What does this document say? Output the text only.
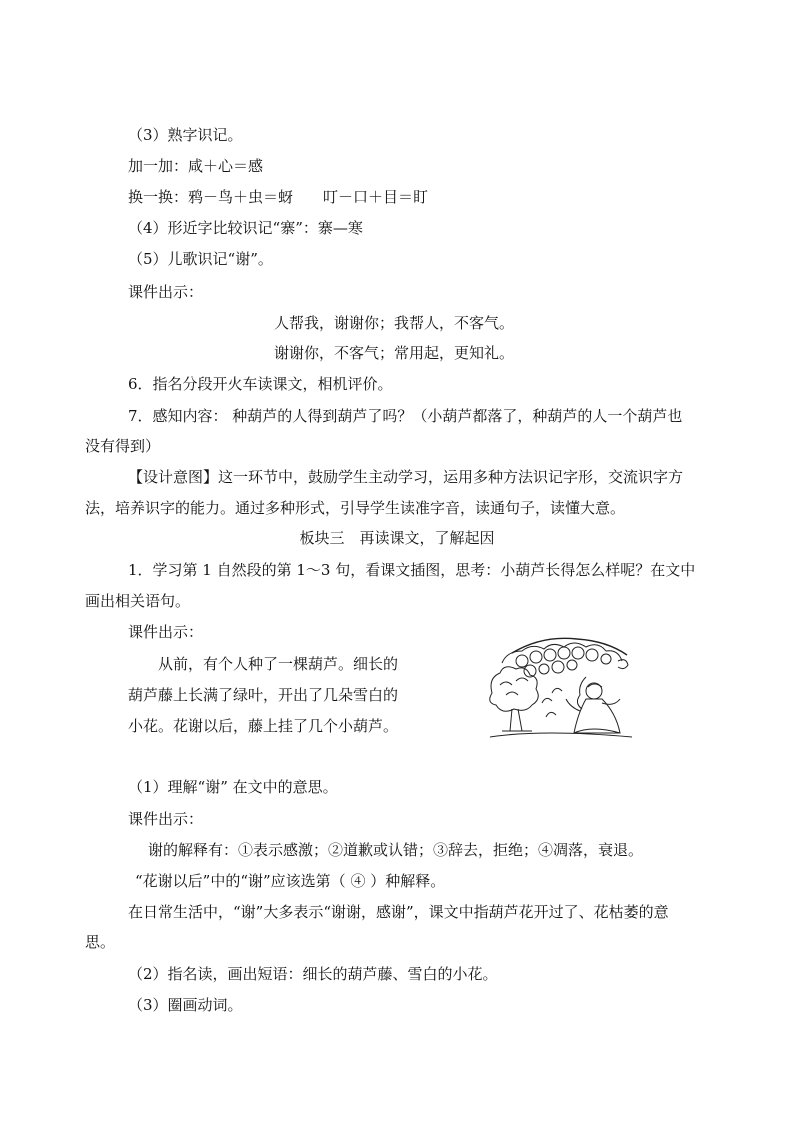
（3）熟字识记。
加一加：咸＋心＝感
换一换：鸦－鸟＋虫＝蚜　　叮－口＋目＝盯
（4）形近字比较识记“寨”：寨—寒
（5）儿歌识记“谢”。
课件出示：
人帮我，谢谢你；我帮人，不客气。
谢谢你，不客气；常用起，更知礼。
6．指名分段开火车读课文，相机评价。
7．感知内容： 种葫芦的人得到葫芦了吗？（小葫芦都落了，种葫芦的人一个葫芦也
没有得到）
【设计意图】这一环节中，鼓励学生主动学习，运用多种方法识记字形，交流识字方
法，培养识字的能力。通过多种形式，引导学生读准字音，读通句子，读懂大意。
板块三　再读课文，了解起因
1．学习第 1 自然段的第 1～3 句，看课文插图，思考：小葫芦长得怎么样呢？在文中
画出相关语句。
课件出示：
从前，有个人种了一棵葫芦。细长的
葫芦藤上长满了绿叶，开出了几朵雪白的
小花。花谢以后，藤上挂了几个小葫芦。
（1）理解“谢” 在文中的意思。
课件出示：
谢的解释有：①表示感激；②道歉或认错；③辞去，拒绝；④凋落，衰退。
“花谢以后”中的“谢”应该选第（ ④ ）种解释。
在日常生活中，“谢”大多表示“谢谢，感谢”，课文中指葫芦花开过了、花枯萎的意
思。
（2）指名读，画出短语：细长的葫芦藤、雪白的小花。
（3）圈画动词。
